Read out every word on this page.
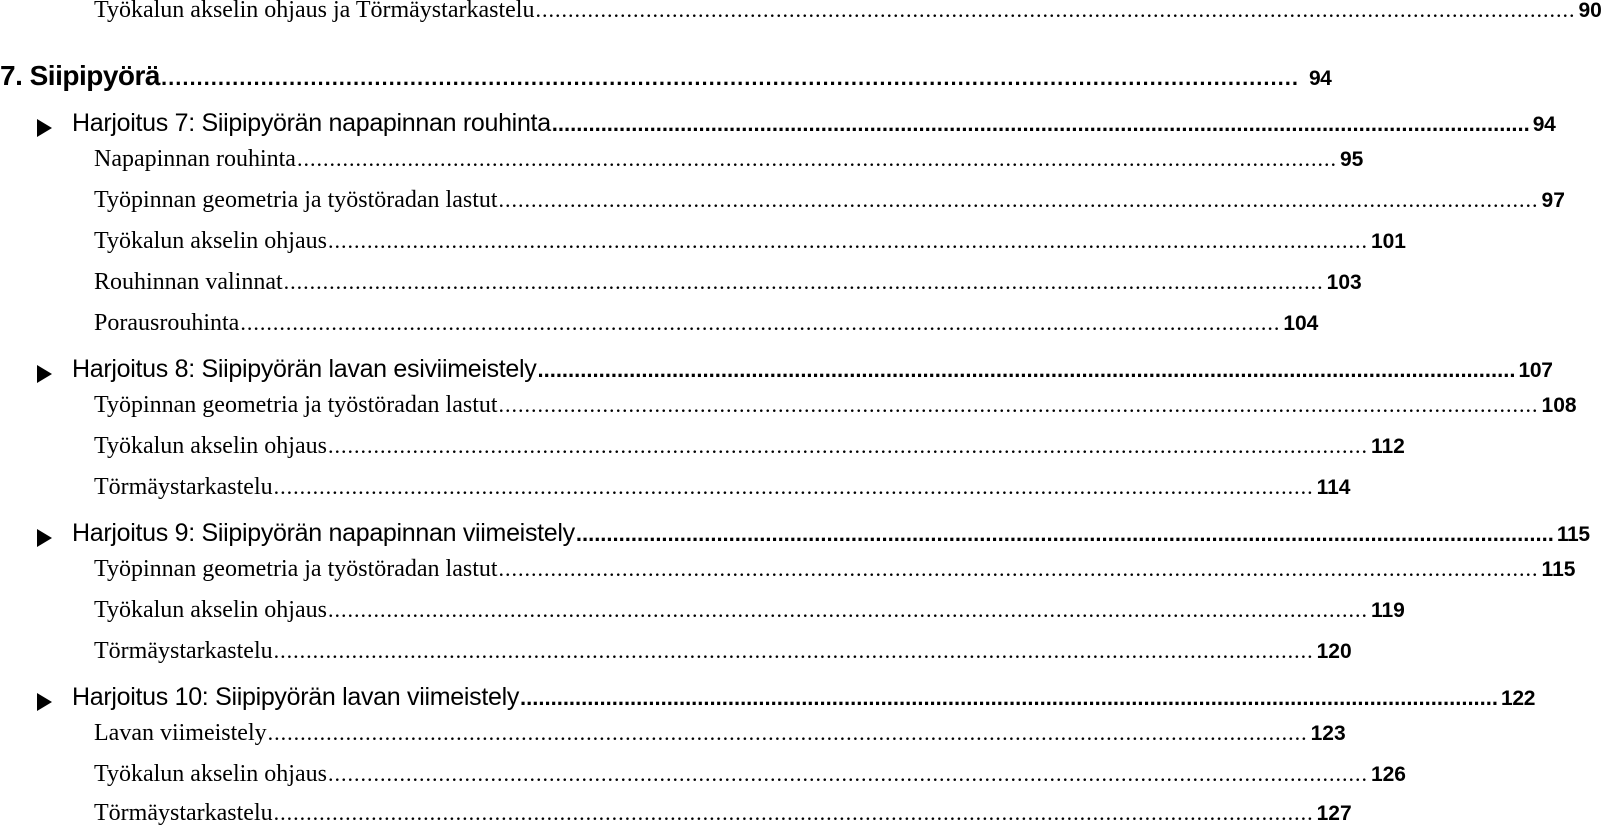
Työkalun akselin ohjaus ja Törmäystarkastelu ................................................................................................................................................................ 90
7. Siipipyörä ................................................................................................................................................................ 94
Harjoitus 7: Siipipyörän napapinnan rouhinta ................................................................................................................................................................ 94
Napapinnan rouhinta ................................................................................................................................................................ 95
Työpinnan geometria ja työstöradan lastut ................................................................................................................................................................ 97
Työkalun akselin ohjaus ................................................................................................................................................................ 101
Rouhinnan valinnat ................................................................................................................................................................ 103
Porausrouhinta ................................................................................................................................................................ 104
Harjoitus 8: Siipipyörän lavan esiviimeistely ................................................................................................................................................................ 107
Työpinnan geometria ja työstöradan lastut ................................................................................................................................................................ 108
Työkalun akselin ohjaus ................................................................................................................................................................ 112
Törmäystarkastelu ................................................................................................................................................................ 114
Harjoitus 9: Siipipyörän napapinnan viimeistely ................................................................................................................................................................ 115
Työpinnan geometria ja työstöradan lastut ................................................................................................................................................................ 115
Työkalun akselin ohjaus ................................................................................................................................................................ 119
Törmäystarkastelu ................................................................................................................................................................ 120
Harjoitus 10: Siipipyörän lavan viimeistely ................................................................................................................................................................ 122
Lavan viimeistely ................................................................................................................................................................ 123
Työkalun akselin ohjaus ................................................................................................................................................................ 126
Törmäystarkastelu ................................................................................................................................................................ 127
